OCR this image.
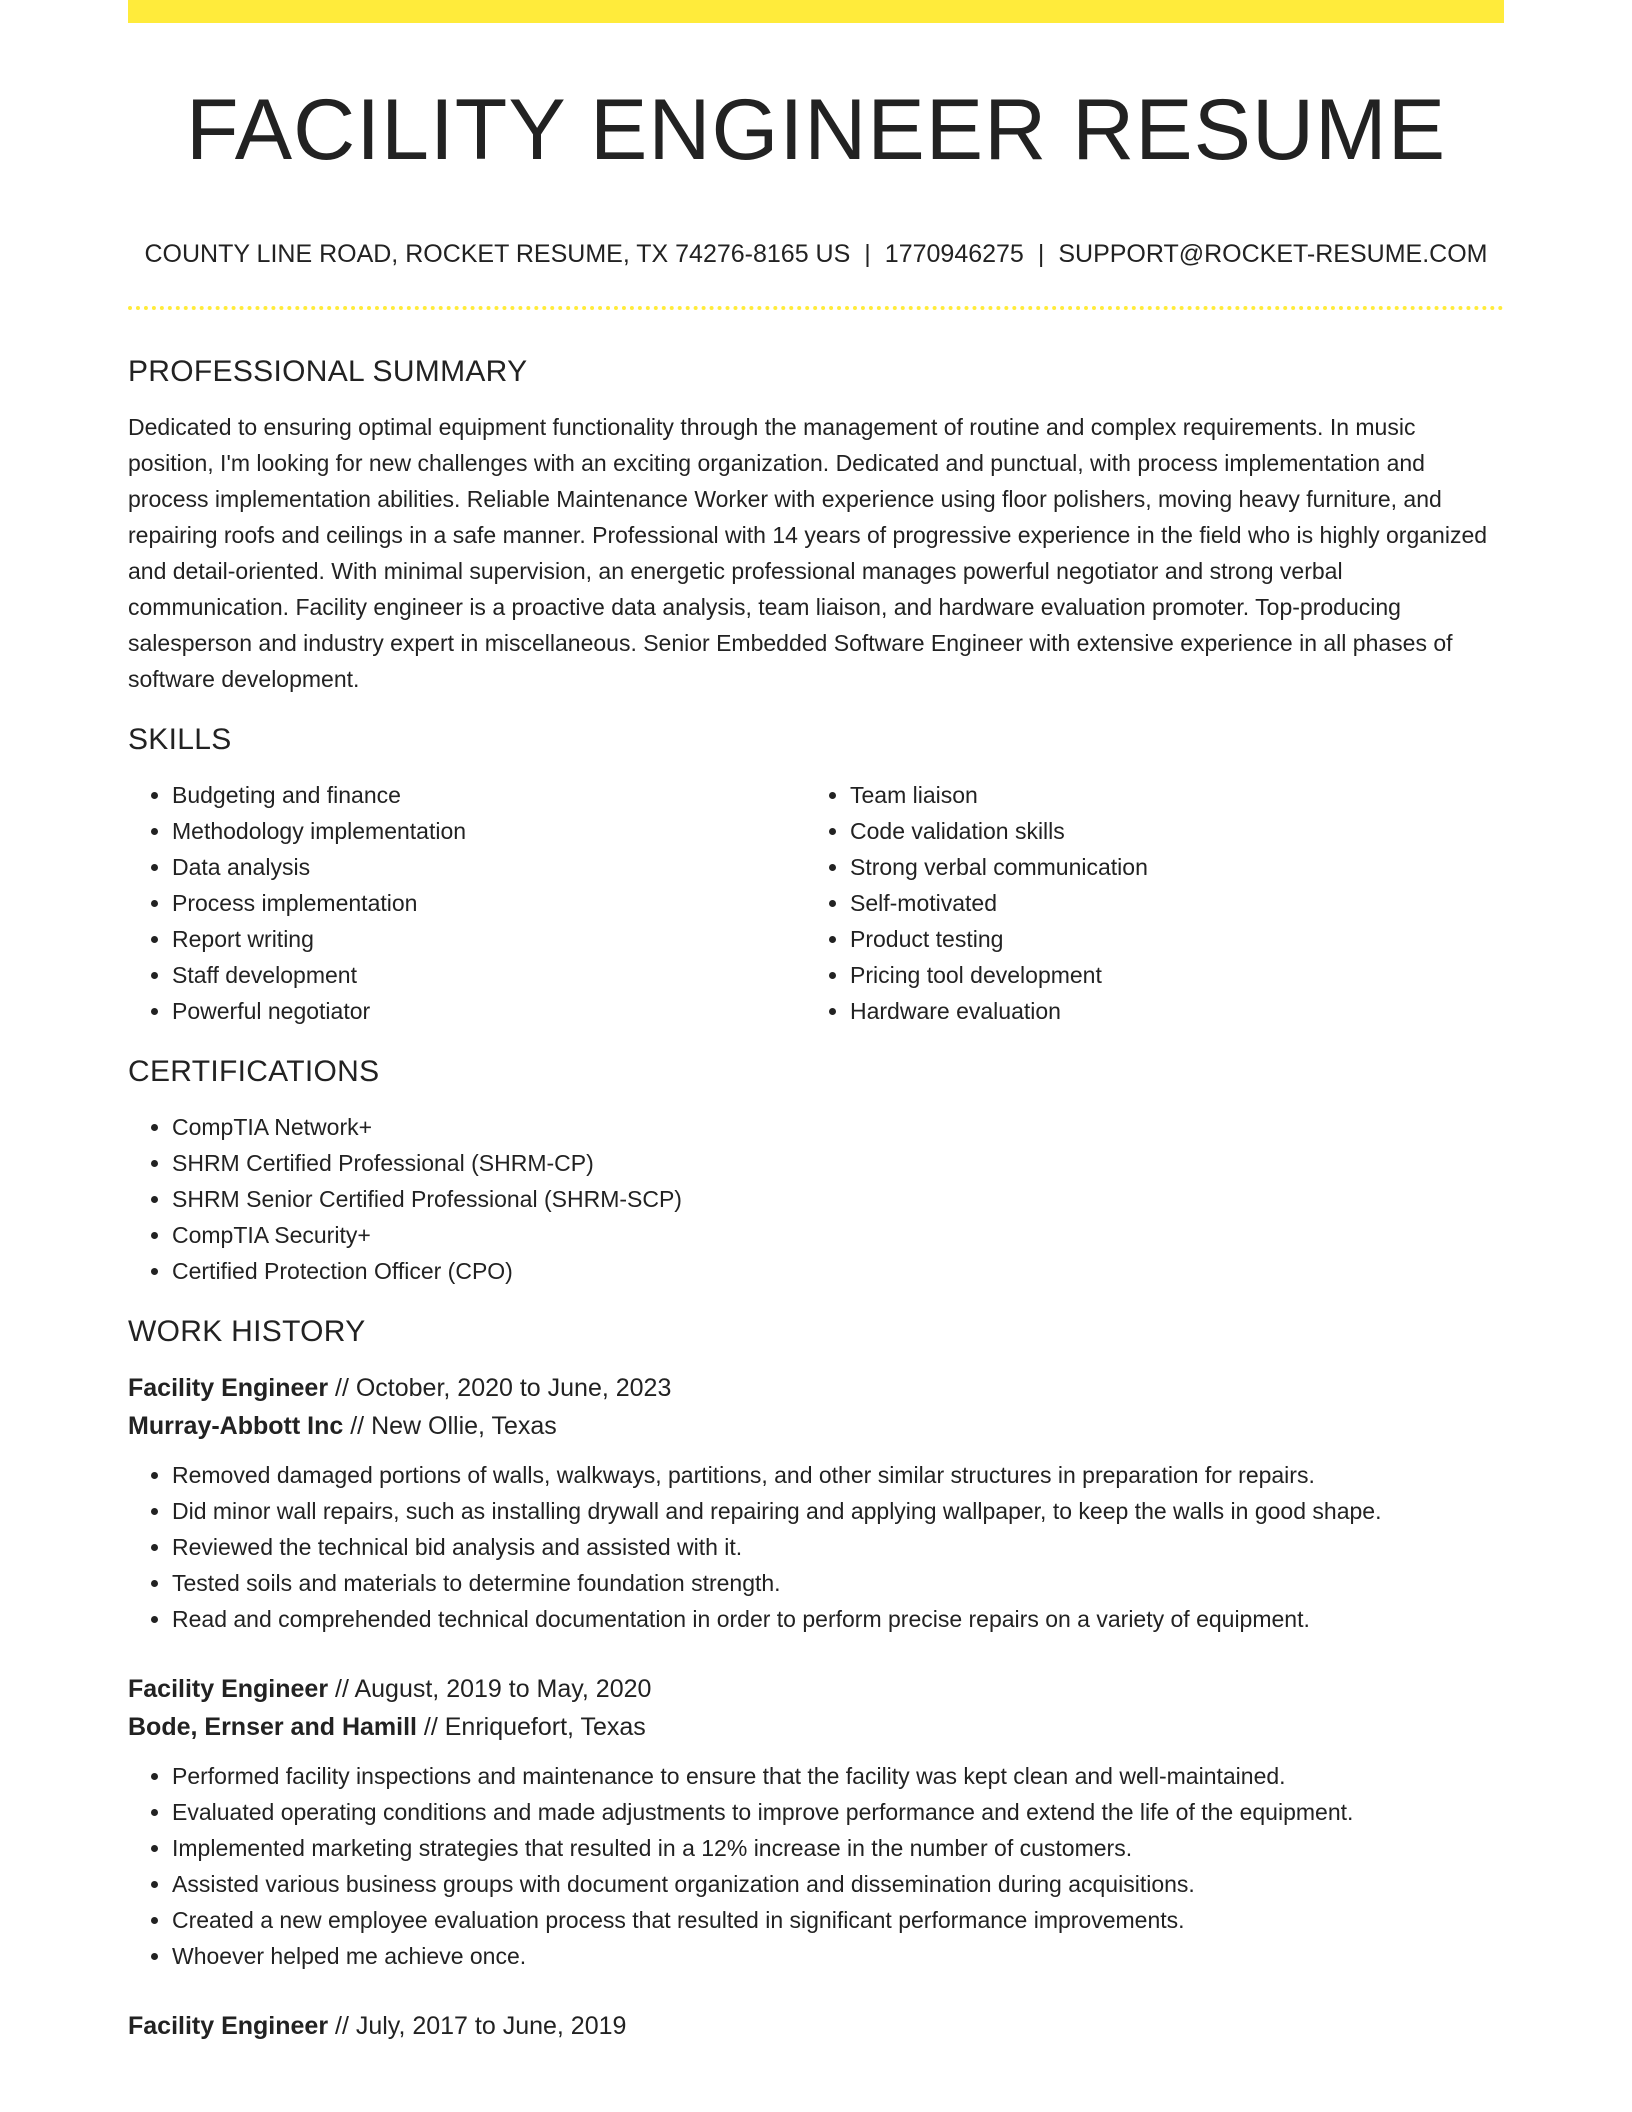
FACILITY ENGINEER RESUME
COUNTY LINE ROAD, ROCKET RESUME, TX 74276-8165 US | 1770946275 | SUPPORT@ROCKET-RESUME.COM
PROFESSIONAL SUMMARY

Dedicated to ensuring optimal equipment functionality through the management of routine and complex requirements. In music position, I'm looking for new challenges with an exciting organization. Dedicated and punctual, with process implementation and process implementation abilities. Reliable Maintenance Worker with experience using floor polishers, moving heavy furniture, and repairing roofs and ceilings in a safe manner. Professional with 14 years of progressive experience in the field who is highly organized and detail-oriented. With minimal supervision, an energetic professional manages powerful negotiator and strong verbal communication. Facility engineer is a proactive data analysis, team liaison, and hardware evaluation promoter. Top-producing salesperson and industry expert in miscellaneous. Senior Embedded Software Engineer with extensive experience in all phases of software development.

SKILLS
• Budgeting and finance
• Methodology implementation
• Data analysis
• Process implementation
• Report writing
• Staff development
• Powerful negotiator
• Team liaison
• Code validation skills
• Strong verbal communication
• Self-motivated
• Product testing
• Pricing tool development
• Hardware evaluation
CERTIFICATIONS
• CompTIA Network+
• SHRM Certified Professional (SHRM-CP)
• SHRM Senior Certified Professional (SHRM-SCP)
• CompTIA Security+
• Certified Protection Officer (CPO)
WORK HISTORY
Facility Engineer // October, 2020 to June, 2023
Murray-Abbott Inc // New Ollie, Texas
• Removed damaged portions of walls, walkways, partitions, and other similar structures in preparation for repairs.
• Did minor wall repairs, such as installing drywall and repairing and applying wallpaper, to keep the walls in good shape.
• Reviewed the technical bid analysis and assisted with it.
• Tested soils and materials to determine foundation strength.
• Read and comprehended technical documentation in order to perform precise repairs on a variety of equipment.
Facility Engineer // August, 2019 to May, 2020
Bode, Ernser and Hamill // Enriquefort, Texas
• Performed facility inspections and maintenance to ensure that the facility was kept clean and well-maintained.
• Evaluated operating conditions and made adjustments to improve performance and extend the life of the equipment.
• Implemented marketing strategies that resulted in a 12% increase in the number of customers.
• Assisted various business groups with document organization and dissemination during acquisitions.
• Created a new employee evaluation process that resulted in significant performance improvements.
• Whoever helped me achieve once.
Facility Engineer // July, 2017 to June, 2019
